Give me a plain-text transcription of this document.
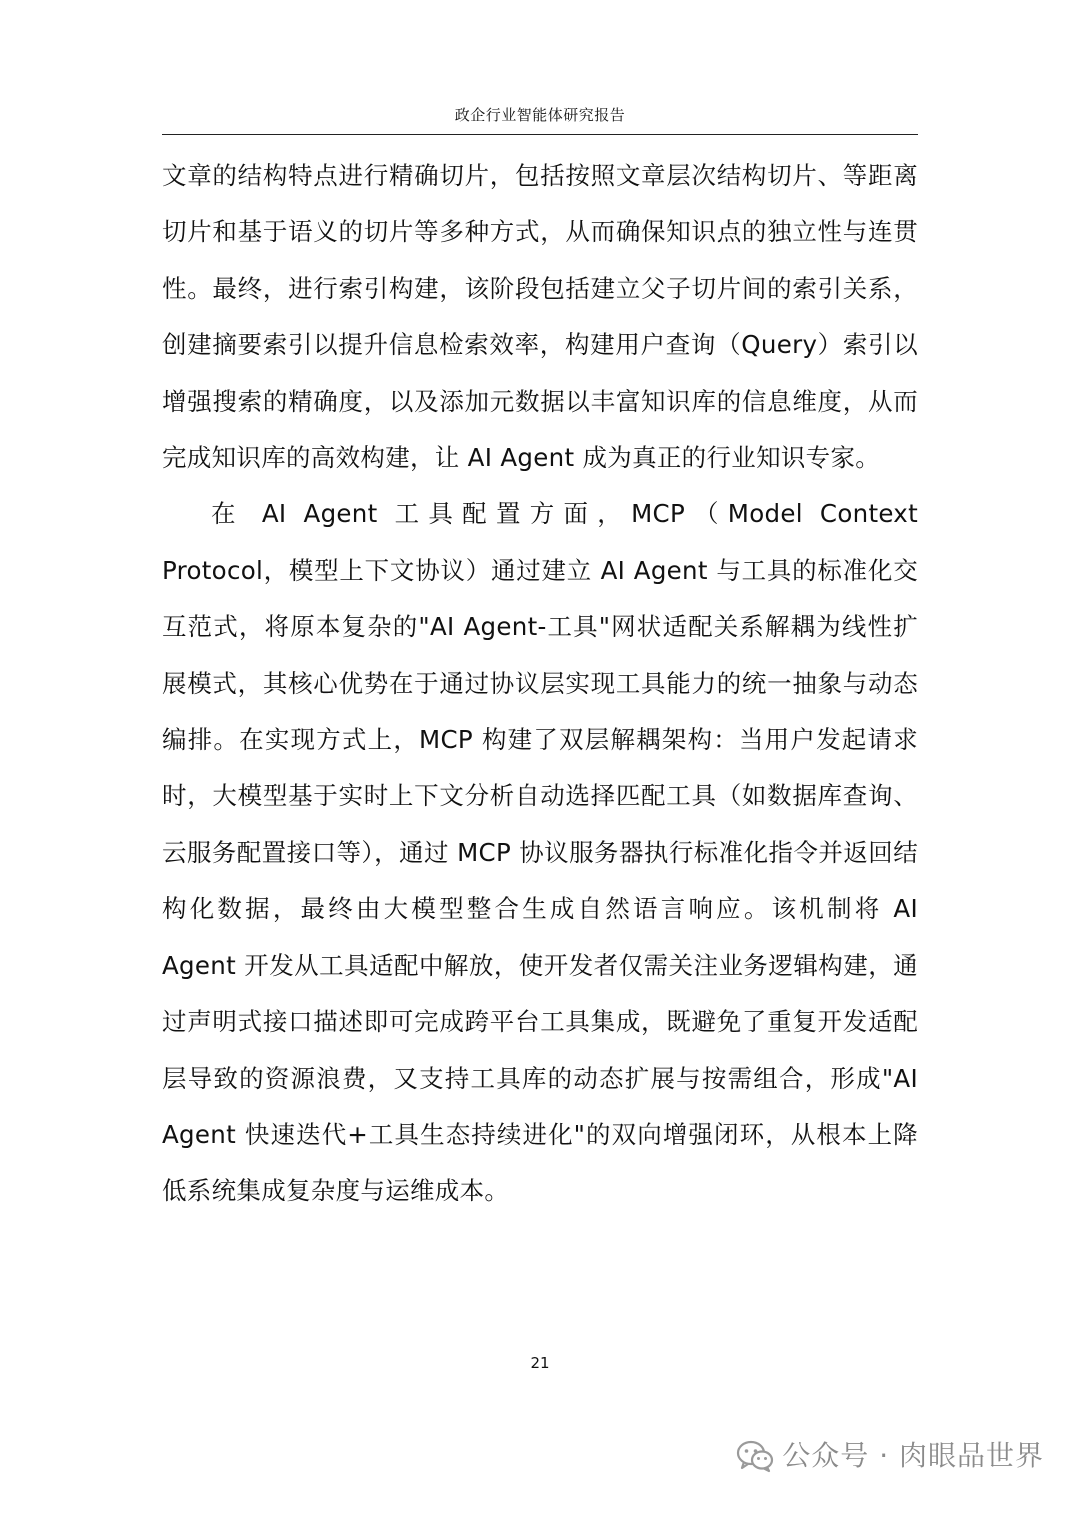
政企行业智能体研究报告

文章的结构特点进行精确切片，包括按照文章层次结构切片、等距离切片和基于语义的切片等多种方式，从而确保知识点的独立性与连贯性。最终，进行索引构建，该阶段包括建立父子切片间的索引关系，创建摘要索引以提升信息检索效率，构建用户查询（Query）索引以增强搜索的精确度，以及添加元数据以丰富知识库的信息维度，从而完成知识库的高效构建，让 AI Agent 成为真正的行业知识专家。

在 AI Agent 工具配置方面，MCP（Model Context Protocol，模型上下文协议）通过建立 AI Agent 与工具的标准化交互范式，将原本复杂的"AI Agent-工具"网状适配关系解耦为线性扩展模式，其核心优势在于通过协议层实现工具能力的统一抽象与动态编排。在实现方式上，MCP 构建了双层解耦架构：当用户发起请求时，大模型基于实时上下文分析自动选择匹配工具（如数据库查询、云服务配置接口等），通过 MCP 协议服务器执行标准化指令并返回结构化数据，最终由大模型整合生成自然语言响应。该机制将 AI Agent 开发从工具适配中解放，使开发者仅需关注业务逻辑构建，通过声明式接口描述即可完成跨平台工具集成，既避免了重复开发适配层导致的资源浪费，又支持工具库的动态扩展与按需组合，形成"AI Agent 快速迭代+工具生态持续进化"的双向增强闭环，从根本上降低系统集成复杂度与运维成本。

21
公众号 · 肉眼品世界
